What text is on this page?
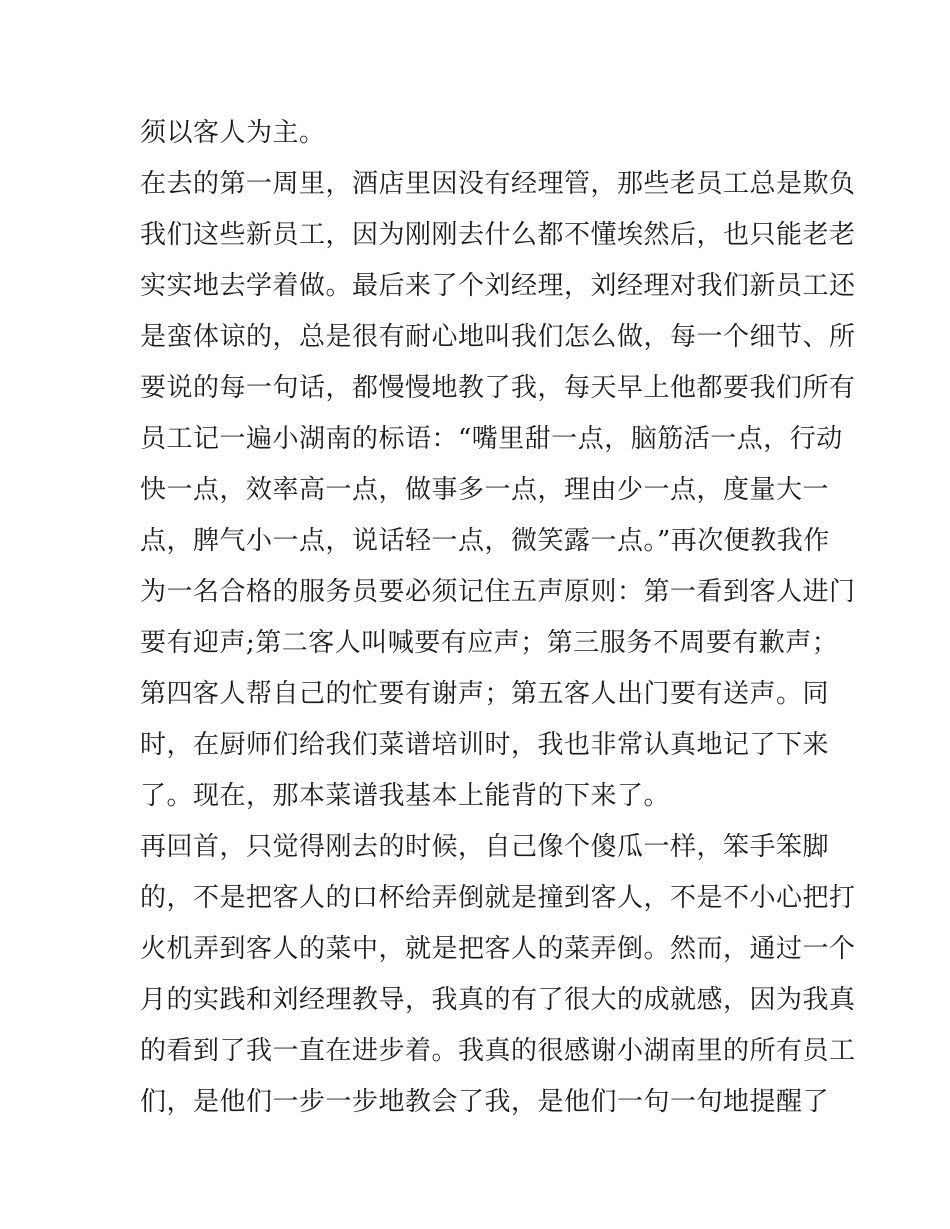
须以客人为主。
在去的第一周里，酒店里因没有经理管，那些老员工总是欺负
我们这些新员工，因为刚刚去什么都不懂埃然后，也只能老老
实实地去学着做。最后来了个刘经理，刘经理对我们新员工还
是蛮体谅的，总是很有耐心地叫我们怎么做，每一个细节、所
要说的每一句话，都慢慢地教了我，每天早上他都要我们所有
员工记一遍小湖南的标语：“嘴里甜一点，脑筋活一点，行动
快一点，效率高一点，做事多一点，理由少一点，度量大一
点，脾气小一点，说话轻一点，微笑露一点。”再次便教我作
为一名合格的服务员要必须记住五声原则：第一看到客人进门
要有迎声;第二客人叫喊要有应声；第三服务不周要有歉声；
第四客人帮自己的忙要有谢声；第五客人出门要有送声。同
时，在厨师们给我们菜谱培训时，我也非常认真地记了下来
了。现在，那本菜谱我基本上能背的下来了。
再回首，只觉得刚去的时候，自己像个傻瓜一样，笨手笨脚
的，不是把客人的口杯给弄倒就是撞到客人，不是不小心把打
火机弄到客人的菜中，就是把客人的菜弄倒。然而，通过一个
月的实践和刘经理教导，我真的有了很大的成就感，因为我真
的看到了我一直在进步着。我真的很感谢小湖南里的所有员工
们，是他们一步一步地教会了我，是他们一句一句地提醒了
